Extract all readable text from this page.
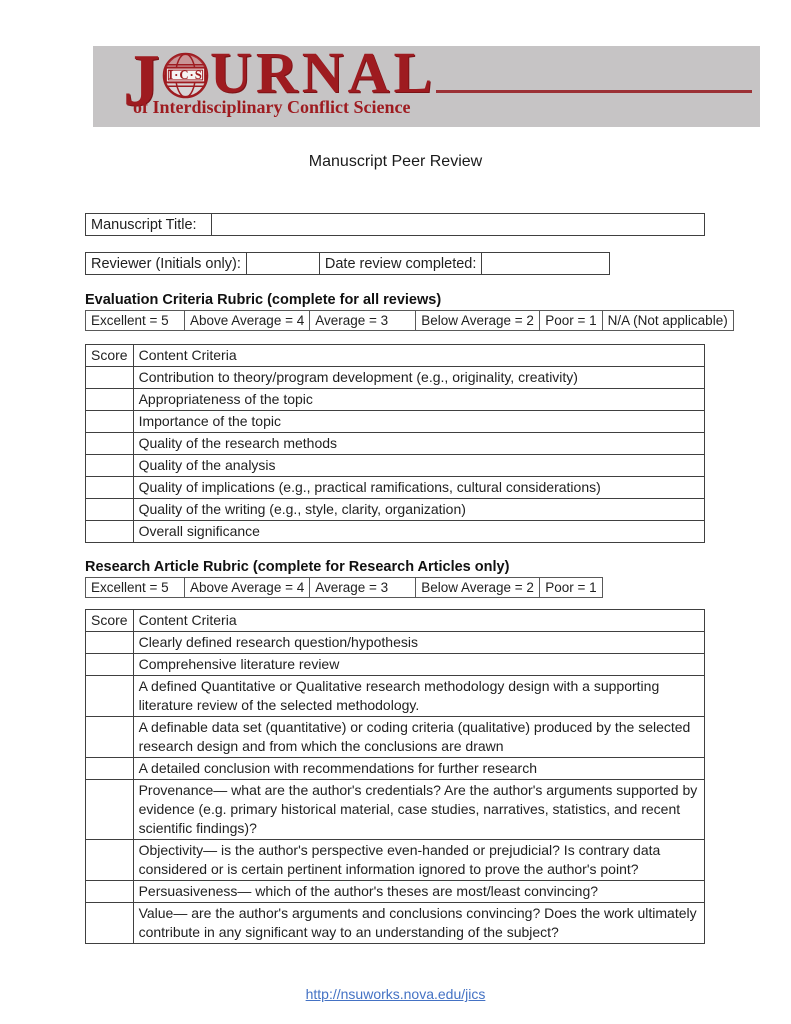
J I·C·S URNAL
of Interdisciplinary Conflict Science
Manuscript Peer Review
Manuscript Title:	
Reviewer (Initials only):		Date review completed:	
Evaluation Criteria Rubric (complete for all reviews)
Excellent = 5	Above Average = 4	Average = 3	Below Average = 2	Poor = 1	N/A (Not applicable)
Score	Content Criteria
	Contribution to theory/program development (e.g., originality, creativity)
	Appropriateness of the topic
	Importance of the topic
	Quality of the research methods
	Quality of the analysis
	Quality of implications (e.g., practical ramifications, cultural considerations)
	Quality of the writing (e.g., style, clarity, organization)
	Overall significance
Research Article Rubric (complete for Research Articles only)
Excellent = 5	Above Average = 4	Average = 3	Below Average = 2	Poor = 1
Score	Content Criteria
	Clearly defined research question/hypothesis
	Comprehensive literature review
	A defined Quantitative or Qualitative research methodology design with a supporting literature review of the selected methodology.
	A definable data set (quantitative) or coding criteria (qualitative) produced by the selected research design and from which the conclusions are drawn
	A detailed conclusion with recommendations for further research
	Provenance— what are the author's credentials? Are the author's arguments supported by evidence (e.g. primary historical material, case studies, narratives, statistics, and recent scientific findings)?
	Objectivity— is the author's perspective even-handed or prejudicial? Is contrary data considered or is certain pertinent information ignored to prove the author's point?
	Persuasiveness— which of the author's theses are most/least convincing?
	Value— are the author's arguments and conclusions convincing? Does the work ultimately contribute in any significant way to an understanding of the subject?
http://nsuworks.nova.edu/jics
